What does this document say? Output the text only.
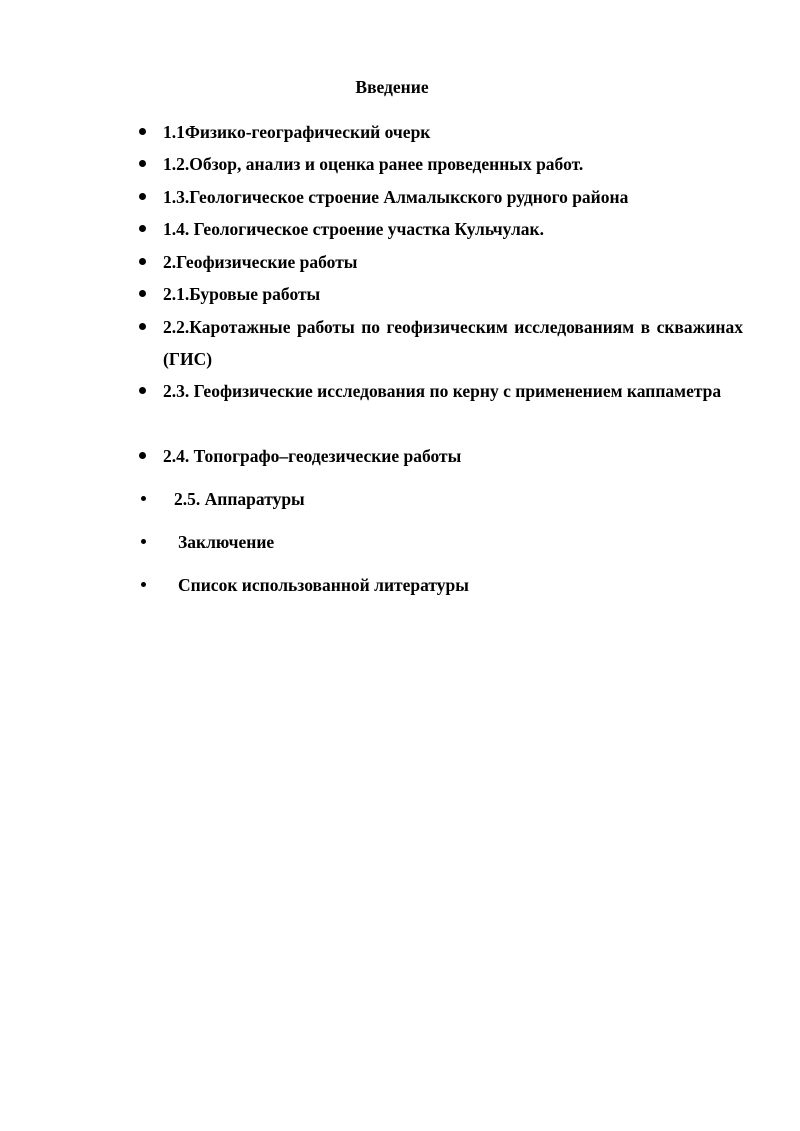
Введение
1.1Физико-географический очерк
1.2.Обзор, анализ и оценка ранее проведенных работ.
1.3.Геологическое строение Алмалыкского рудного района
1.4. Геологическое строение участка Кульчулак.
2.Геофизические работы
2.1.Буровые работы
2.2.Каротажные работы по геофизическим исследованиям в скважинах (ГИС)
2.3. Геофизические исследования по керну с применением каппаметра
2.4. Топографо–геодезические работы
2.5. Аппаратуры
Заключение
Список использованной литературы
